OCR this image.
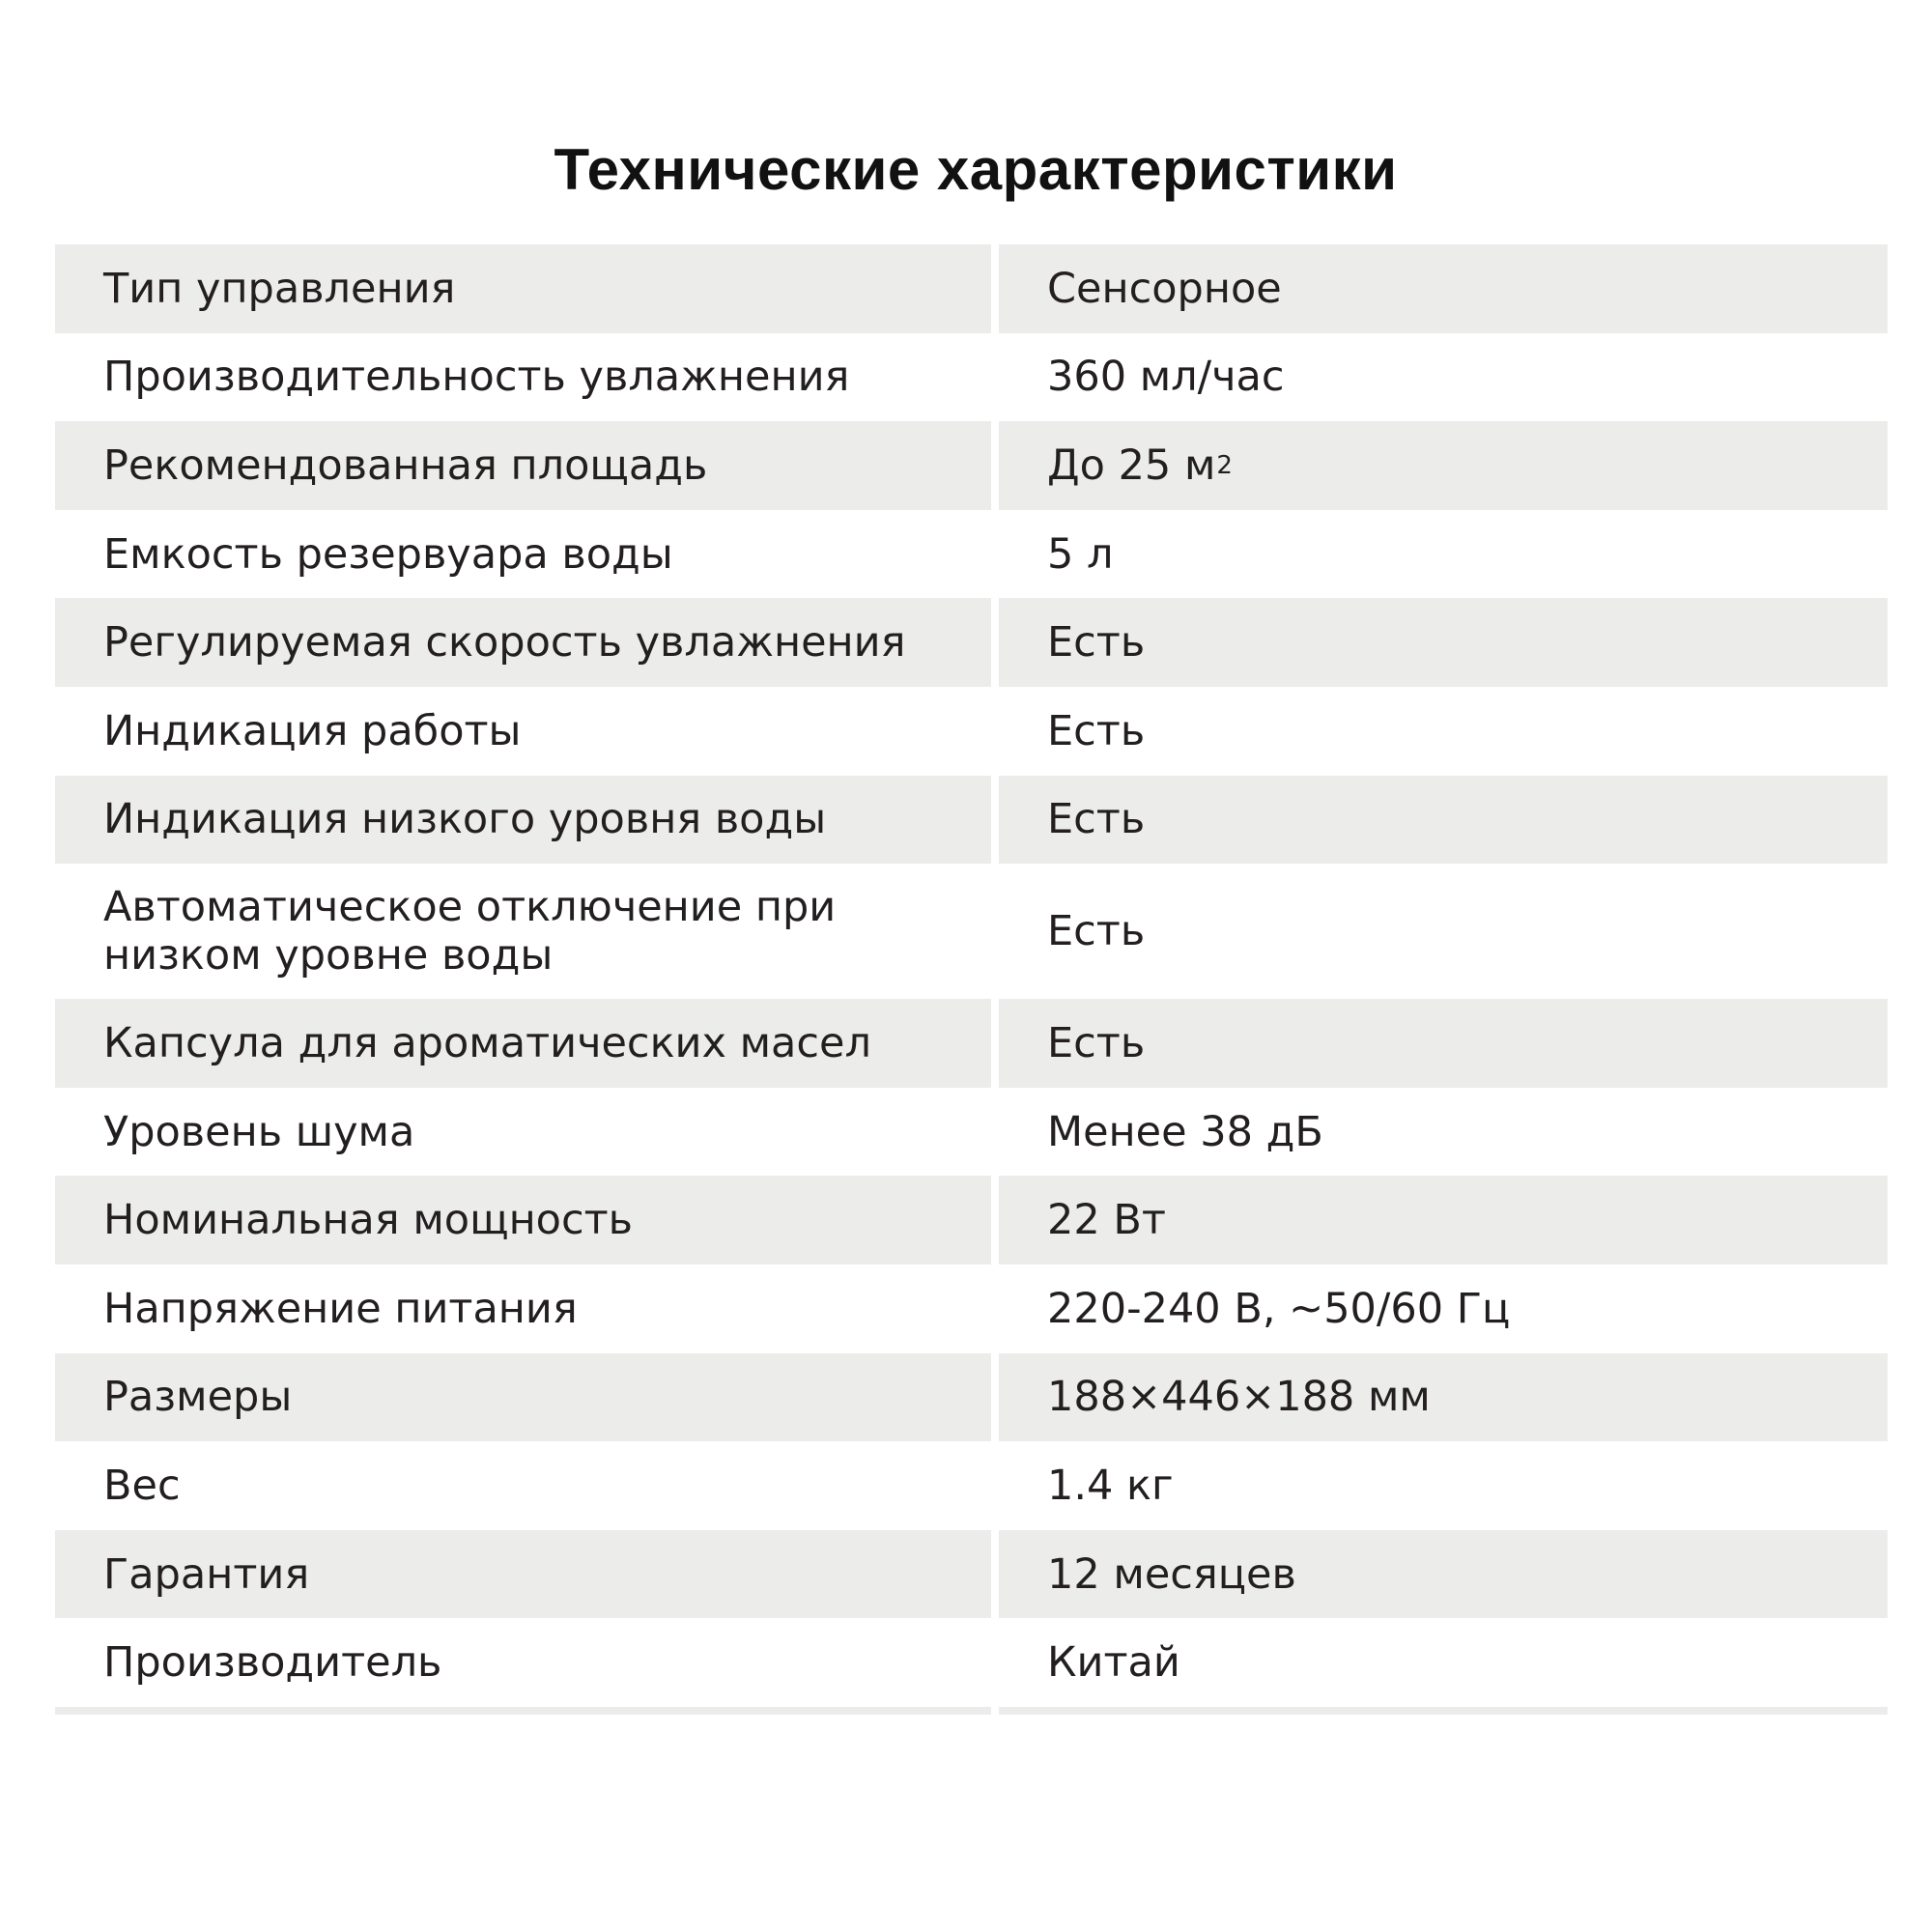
Технические характеристики
Тип управления	Сенсорное
Производительность увлажнения	360 мл/час
Рекомендованная площадь	До 25 м 2
Емкость резервуара воды	5 л
Регулируемая скорость увлажнения	Есть
Индикация работы	Есть
Индикация низкого уровня воды	Есть
Автоматическое отключение при низком уровне воды	Есть
Капсула для ароматических масел	Есть
Уровень шума	Менее 38 дБ
Номинальная мощность	22 Вт
Напряжение питания	220-240 В, ~50/60 Гц
Размеры	188×446×188 мм
Вес	1.4 кг
Гарантия	12 месяцев
Производитель	Китай
